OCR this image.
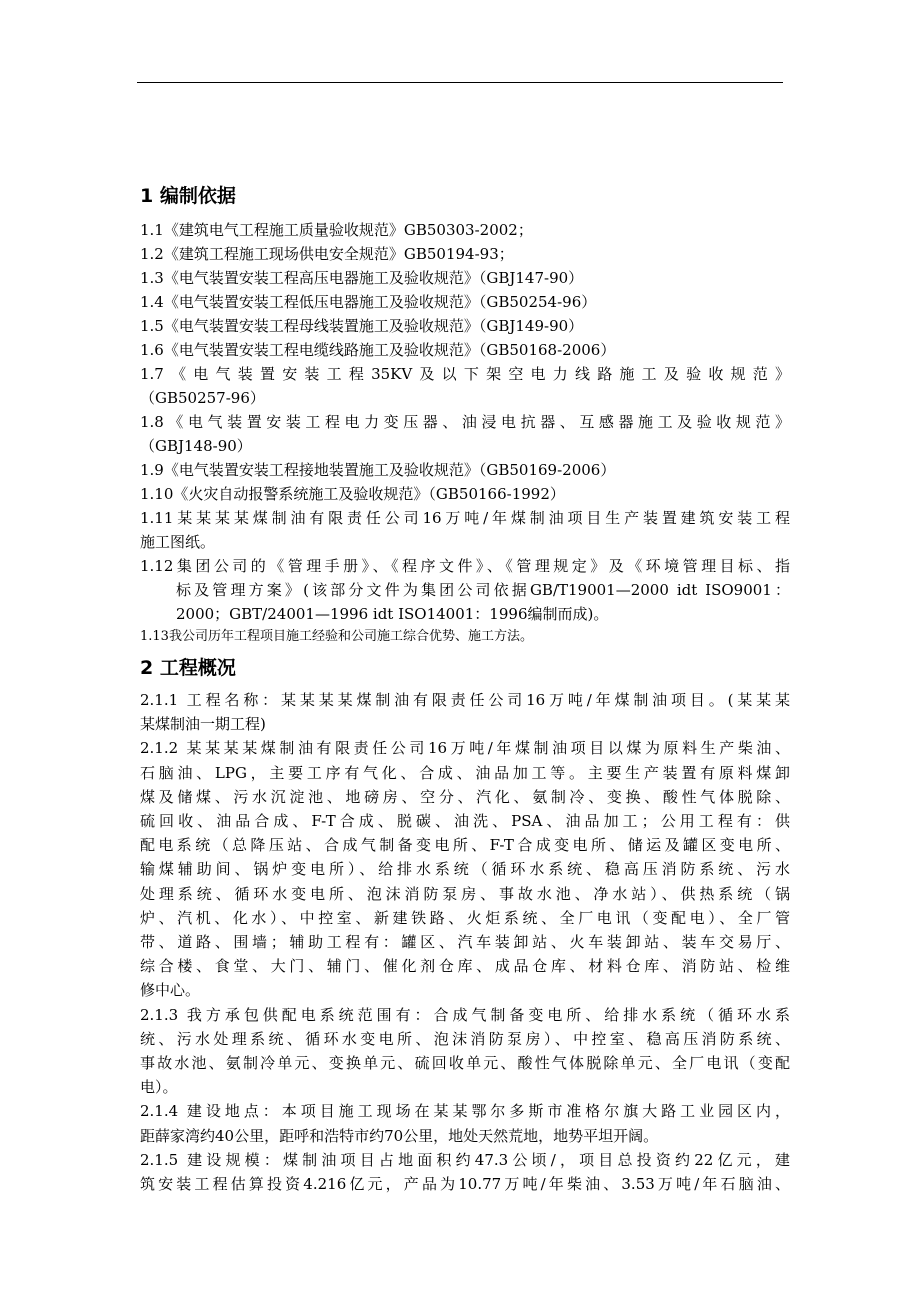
1 编制依据
1.1《建筑电气工程施工质量验收规范》GB50303-2002；
1.2《建筑工程施工现场供电安全规范》GB50194-93；
1.3《电气装置安装工程高压电器施工及验收规范》（GBJ147-90）
1.4《电气装置安装工程低压电器施工及验收规范》（GB50254-96）
1.5《电气装置安装工程母线装置施工及验收规范》（GBJ149-90）
1.6《电气装置安装工程电缆线路施工及验收规范》（GB50168-2006）
1.7《电气装置安装工程35KV及以下架空电力线路施工及验收规范》
（GB50257-96）
1.8《电气装置安装工程电力变压器、油浸电抗器、互感器施工及验收规范》
（GBJ148-90）
1.9《电气装置安装工程接地装置施工及验收规范》（GB50169-2006）
1.10《火灾自动报警系统施工及验收规范》（GB50166-1992）
1.11某某某某煤制油有限责任公司16万吨/年煤制油项目生产装置建筑安装工程
施工图纸。
1.12集团公司的《管理手册》、《程序文件》、《管理规定》及《环境管理目标、指
标及管理方案》(该部分文件为集团公司依据GB/T19001—2000 idt ISO9001：
2000；GBT/24001—1996 idt ISO14001：1996编制而成)。
1.13我公司历年工程项目施工经验和公司施工综合优势、施工方法。
2 工程概况

2.1.1 工程名称：某某某某煤制油有限责任公司16万吨/年煤制油项目。(某某某
某煤制油一期工程)

2.1.2 某某某某煤制油有限责任公司16万吨/年煤制油项目以煤为原料生产柴油、
石脑油、LPG，主要工序有气化、合成、油品加工等。主要生产装置有原料煤卸
煤及储煤、污水沉淀池、地磅房、空分、汽化、氨制冷、变换、酸性气体脱除、
硫回收、油品合成、F-T合成、脱碳、油洗、PSA、油品加工；公用工程有：供
配电系统（总降压站、合成气制备变电所、F-T合成变电所、储运及罐区变电所、
输煤辅助间、锅炉变电所）、给排水系统（循环水系统、稳高压消防系统、污水
处理系统、循环水变电所、泡沫消防泵房、事故水池、净水站）、供热系统（锅
炉、汽机、化水）、中控室、新建铁路、火炬系统、全厂电讯（变配电）、全厂管
带、道路、围墙；辅助工程有：罐区、汽车装卸站、火车装卸站、装车交易厅、
综合楼、食堂、大门、辅门、催化剂仓库、成品仓库、材料仓库、消防站、检维
修中心。

2.1.3 我方承包供配电系统范围有：合成气制备变电所、给排水系统（循环水系
统、污水处理系统、循环水变电所、泡沫消防泵房）、中控室、稳高压消防系统、
事故水池、氨制冷单元、变换单元、硫回收单元、酸性气体脱除单元、全厂电讯（变配
电）。

2.1.4 建设地点：本项目施工现场在某某鄂尔多斯市准格尔旗大路工业园区内，
距薛家湾约40公里，距呼和浩特市约70公里，地处天然荒地，地势平坦开阔。

2.1.5 建设规模：煤制油项目占地面积约47.3公顷/，项目总投资约22亿元，建
筑安装工程估算投资4.216亿元，产品为10.77万吨/年柴油、3.53万吨/年石脑油、
